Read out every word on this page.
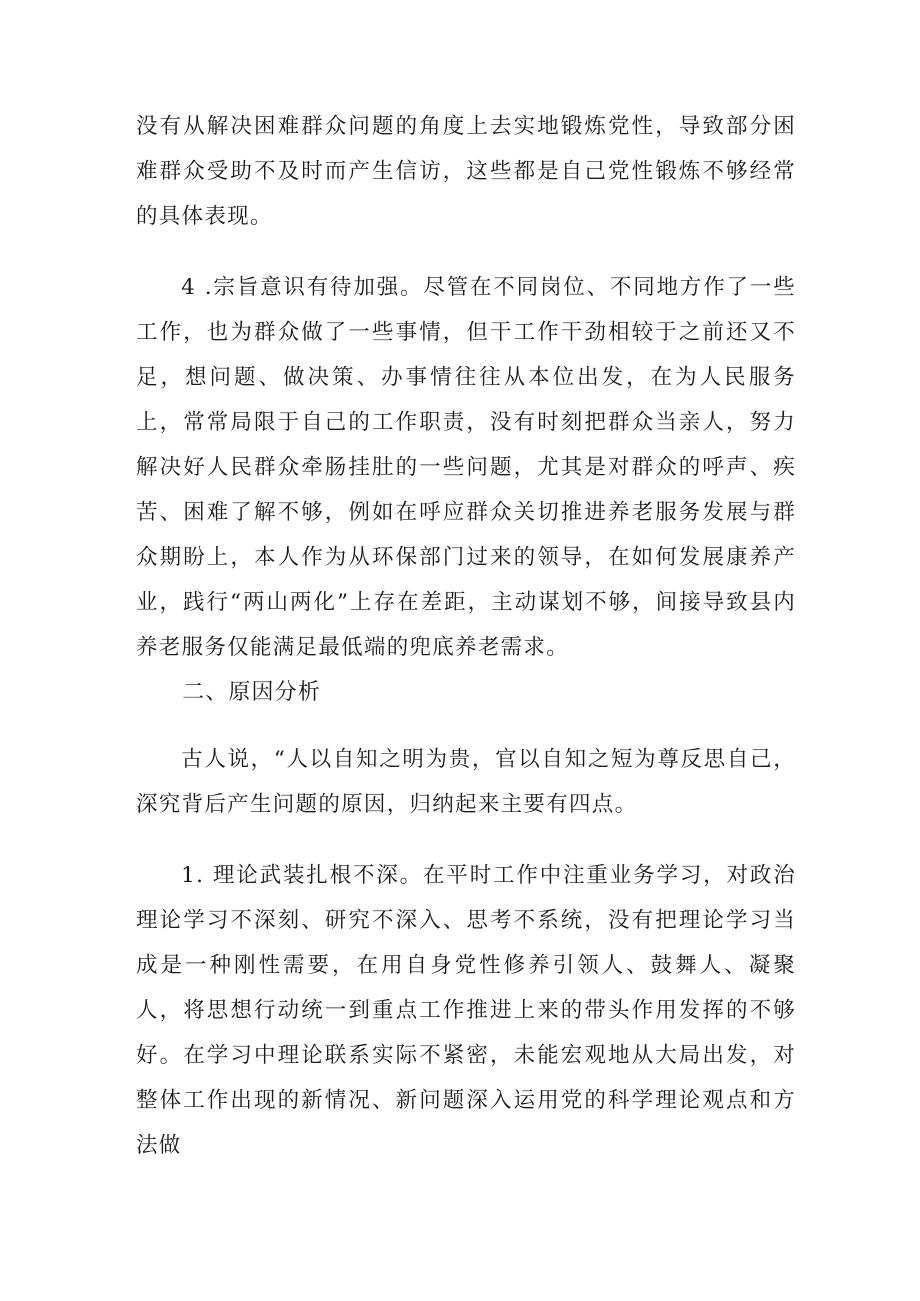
没有从解决困难群众问题的角度上去实地锻炼党性，导致部分困难群众受助不及时而产生信访，这些都是自己党性锻炼不够经常的具体表现。

4 .宗旨意识有待加强。尽管在不同岗位、不同地方作了一些工作，也为群众做了一些事情，但干工作干劲相较于之前还又不足，想问题、做决策、办事情往往从本位出发，在为人民服务上，常常局限于自己的工作职责，没有时刻把群众当亲人，努力解决好人民群众牵肠挂肚的一些问题，尤其是对群众的呼声、疾苦、困难了解不够，例如在呼应群众关切推进养老服务发展与群众期盼上，本人作为从环保部门过来的领导，在如何发展康养产业，践行“两山两化”上存在差距，主动谋划不够，间接导致县内养老服务仅能满足最低端的兜底养老需求。

二、原因分析

古人说，“人以自知之明为贵，官以自知之短为尊反思自己，深究背后产生问题的原因，归纳起来主要有四点。

1. 理论武装扎根不深。在平时工作中注重业务学习，对政治理论学习不深刻、研究不深入、思考不系统，没有把理论学习当成是一种刚性需要，在用自身党性修养引领人、鼓舞人、凝聚人，将思想行动统一到重点工作推进上来的带头作用发挥的不够好。在学习中理论联系实际不紧密，未能宏观地从大局出发，对整体工作出现的新情况、新问题深入运用党的科学理论观点和方法做
